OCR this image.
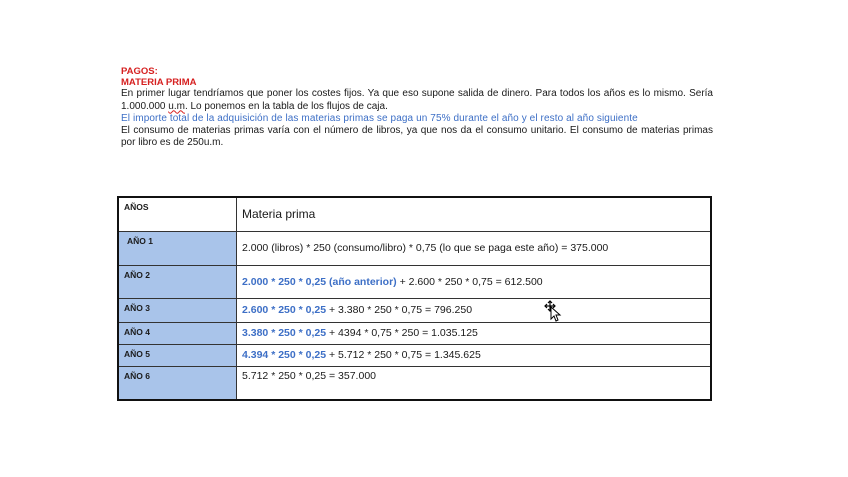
PAGOS:
MATERIA PRIMA

En primer lugar tendríamos que poner los costes fijos. Ya que eso supone salida de dinero. Para todos los años es lo mismo. Sería 1.000.000 u.m. Lo ponemos en la tabla de los flujos de caja.

El importe total de la adquisición de las materias primas se paga un 75% durante el año y el resto al año siguiente

El consumo de materias primas varía con el número de libros, ya que nos da el consumo unitario. El consumo de materias primas por libro es de 250u.m.

AÑOS	Materia prima
AÑO 1	2.000 (libros) * 250 (consumo/libro) * 0,75 (lo que se paga este año) = 375.000
AÑO 2	2.000 * 250 * 0,25 (año anterior) + 2.600 * 250 * 0,75 = 612.500
AÑO 3	2.600 * 250 * 0,25 + 3.380 * 250 * 0,75 = 796.250
AÑO 4	3.380 * 250 * 0,25 + 4394 * 0,75 * 250 = 1.035.125
AÑO 5	4.394 * 250 * 0,25 + 5.712 * 250 * 0,75 = 1.345.625
AÑO 6	5.712 * 250 * 0,25 = 357.000
